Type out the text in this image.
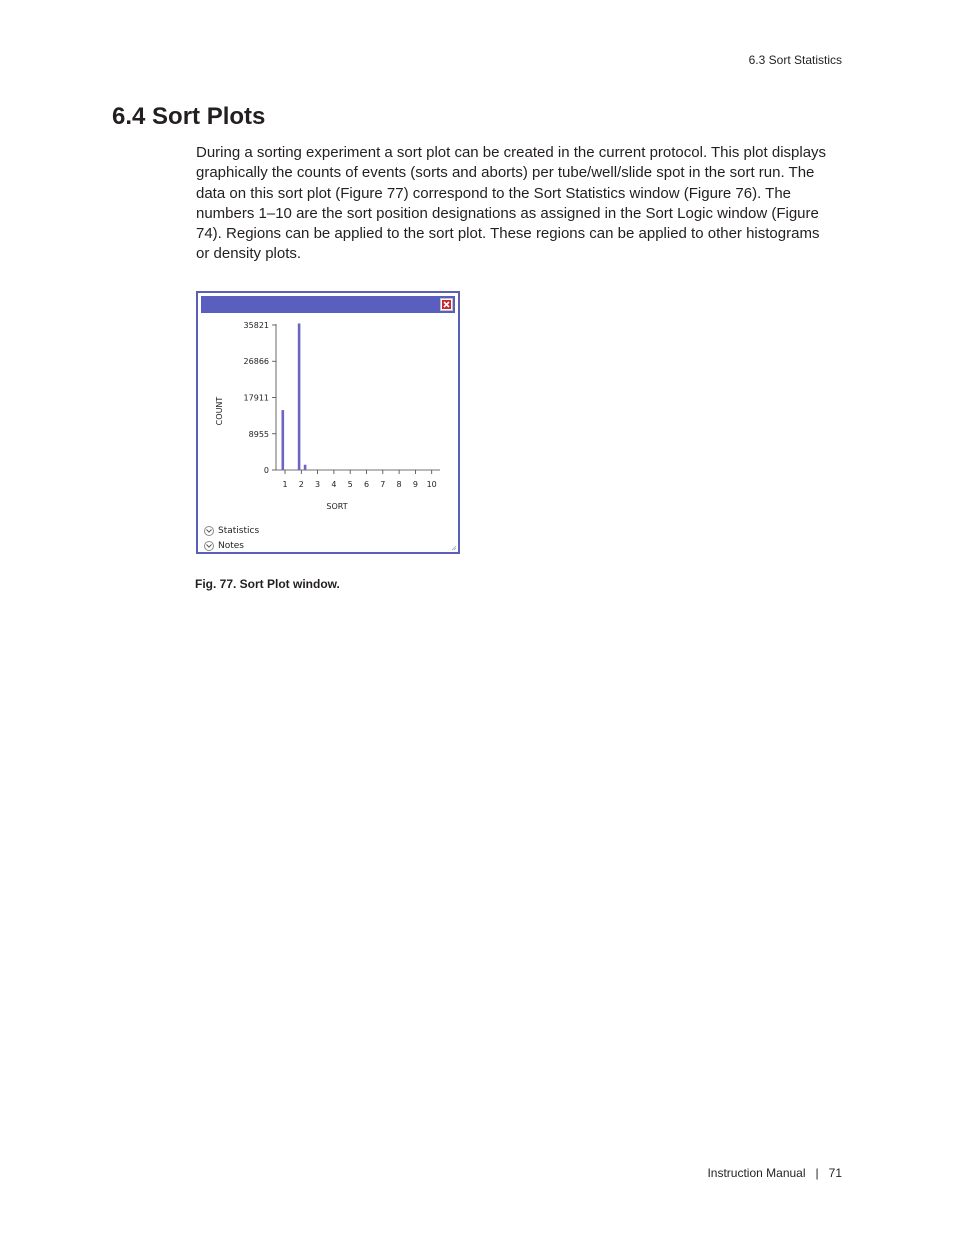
6.3 Sort Statistics
6.4 Sort Plots

During a sorting experiment a sort plot can be created in the current protocol. This plot displays graphically the counts of events (sorts and aborts) per tube/well/slide spot in the sort run. The data on this sort plot (Figure 77) correspond to the Sort Statistics window (Figure 76). The numbers 1–10 are the sort position designations as assigned in the Sort Logic window (Figure 74). Regions can be applied to the sort plot. These regions can be applied to other histograms or density plots.

COUNT
SORT
0
8955
17911
26866
35821
1 2 3 4 5 6 7 8 9 10
Statistics
Notes

Fig. 77. Sort Plot window.

Instruction Manual | 71
